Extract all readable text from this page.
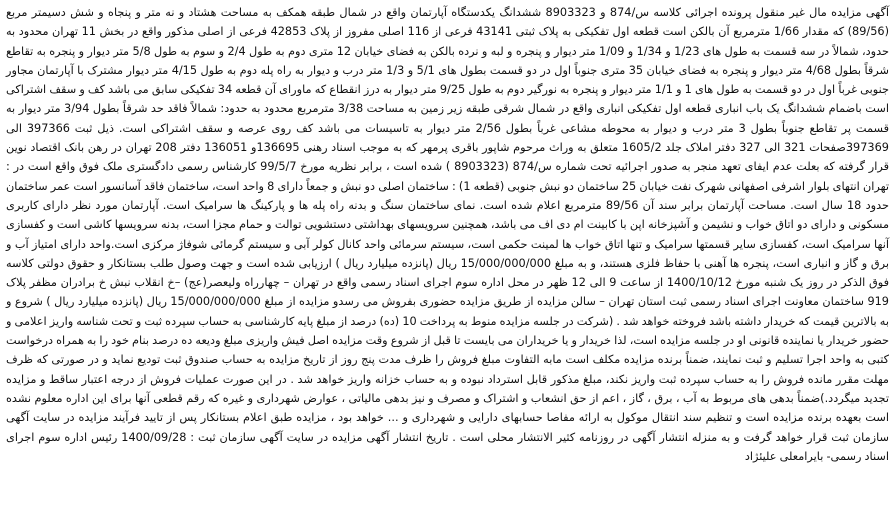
آگهی مزایده مال غیر منقول پرونده اجرائی کلاسه س/874 و 8903323 ششدانگ یکدستگاه آپارتمان واقع در شمال طبقه همکف به مساحت هشتاد و نه متر و پنجاه و شش دسیمتر مربع (89/56) که مقدار 1/66 مترمربع آن بالکن است قطعه اول تفکیکی به پلاک ثبتی 43141 فرعی از 116 اصلی مفروز از پلاک 42853 فرعی از اصلی مذکور واقع در بخش 11 تهران محدود به حدود، شمالاً در سه قسمت به طول های 1/23 و 1/34 و 1/09 متر دیوار و پنجره و لبه و نرده بالکن به فضای خیابان 12 متری دوم به طول 2/4 و سوم به طول 5/8 متر دیوار و پنجره به تقاطع شرقاً بطول 4/68 متر دیوار و پنجره به فضای خیابان 35 متری جنوباً اول در دو قسمت بطول های 5/1 و 1/3 متر درب و دیوار به راه پله دوم به طول 4/15 متر دیوار مشترک با آپارتمان مجاور جنوبی غرباً اول در دو قسمت به طول های 1 و 1/1 متر دیوار و پنجره به نورگیر دوم به طول 9/25 متر دیوار به درز انقطاع که ماورای آن قطعه 34 تفکیکی سابق می باشد کف و سقف اشتراکی است باضمام ششدانگ یک باب انباری قطعه اول تفکیکی انباری واقع در شمال شرقی طبقه زیر زمین به مساحت 3/38 مترمربع محدود به حدود: شمالاً فاقد حد شرقاً بطول 3/94 متر دیوار به قسمت پر تقاطع جنوباً بطول 3 متر درب و دیوار به محوطه مشاعی غرباً بطول 2/56 متر دیوار به تاسیسات می باشد کف روی عرصه و سقف اشتراکی است. ذیل ثبت 397366 الی 397369صفحات 321 الی 327 دفتر املاک جلد 1605/2 متعلق به وراث مرحوم شاپور باقری پرمهر که به موجب اسناد رهنی 136695و 136051 دفتر 208 تهران در رهن بانک اقتصاد نوین قرار گرفته که بعلت عدم ایفای تعهد منجر به صدور اجرائیه تحت شماره س/874 (8903323 ) شده است ، برابر نظریه مورخ 99/5/7 کارشناس رسمی دادگستری ملک فوق واقع است در : تهران انتهای بلوار اشرفی اصفهانی شهرک نفت خیابان 25 ساختمان دو نبش جنوبی (قطعه 1) : ساختمان اصلی دو نبش و جمعاً دارای 8 واحد است، ساختمان فاقد آسانسور است عمر ساختمان حدود 18 سال است. مساحت آپارتمان برابر سند آن 89/56 مترمربع اعلام شده است. نمای ساختمان سنگ و بدنه راه پله ها و پارکینگ ها سرامیک است. آپارتمان مورد نظر دارای کاربری مسکونی و دارای دو اتاق خواب و نشیمن و آشپزخانه اپن با کابینت ام دی اف می باشد، همچنین سرویسهای بهداشتی دستشویی توالت و حمام مجزا است، بدنه سرویسها کاشی است و کفسازی آنها سرامیک است، کفسازی سایر قسمتها سرامیک و تنها اتاق خواب ها لمینت حکمی است، سیستم سرمائی واحد کانال کولر آبی و سیستم گرمائی شوفاژ مرکزی است.واحد دارای امتیاز آب و برق و گاز و انباری است، پنجره ها آهنی با حفاظ فلزی هستند، و به مبلغ 15/000/000/000 ریال (پانزده میلیارد ریال ) ارزیابی شده است و جهت وصول طلب بستانکار و حقوق دولتی کلاسه فوق الذکر در روز یک شنبه مورخ 1400/10/12 از ساعت 9 الی 12 ظهر در محل اداره سوم اجرای اسناد رسمی واقع در تهران – چهارراه ولیعصر(عج) –خ انقلاب نبش خ برادران مظفر پلاک 919 ساختمان معاونت اجرای اسناد رسمی ثبت استان تهران – سالن مزایده از طریق مزایده حضوری بفروش می رسدو مزایده از مبلغ 15/000/000/000 ریال (پانزده میلیارد ریال ) شروع و به بالاترین قیمت که خریدار داشته باشد فروخته خواهد شد . (شرکت در جلسه مزایده منوط به پرداخت 10 (ده) درصد از مبلغ پایه کارشناسی به حساب سپرده ثبت و تحت شناسه واریز اعلامی و حضور خریدار یا نماینده قانونی او در جلسه مزایده است، لذا خریدار و یا خریداران می بایست تا قبل از شروع وقت مزایده اصل فیش واریزی مبلغ ودیعه ده درصد بنام خود را به همراه درخواست کتبی به واحد اجرا تسلیم و ثبت نمایند، ضمناً برنده مزایده مکلف است مابه التفاوت مبلغ فروش را ظرف مدت پنج روز از تاریخ مزایده به حساب صندوق ثبت تودیع نماید و در صورتی که ظرف مهلت مقرر مانده فروش را به حساب سپرده ثبت واریز نکند، مبلغ مذکور قابل استرداد نبوده و به حساب خزانه واریز خواهد شد . در این صورت عملیات فروش از درجه اعتبار ساقط و مزایده تجدید میگردد.)ضمناً بدهی های مربوط به آب ، برق ، گاز ، اعم از حق انشعاب و اشتراک و مصرف و نیز بدهی مالیاتی ، عوارض شهرداری و غیره که رقم قطعی آنها برای این اداره معلوم نشده است بعهده برنده مزایده است و تنظیم سند انتقال موکول به ارائه مفاصا حسابهای دارایی و شهرداری و ... خواهد بود ، مزایده طبق اعلام بستانکار پس از تایید فرآیند مزایده در سایت آگهی سازمان ثبت قرار خواهد گرفت و به منزله انتشار آگهی در روزنامه کثیر الانتشار محلی است . تاریخ انتشار آگهی مزایده در سایت آگهی سازمان ثبت : 1400/09/28 رئیس اداره سوم اجرای اسناد رسمی- بایرامعلی علیئژاد
